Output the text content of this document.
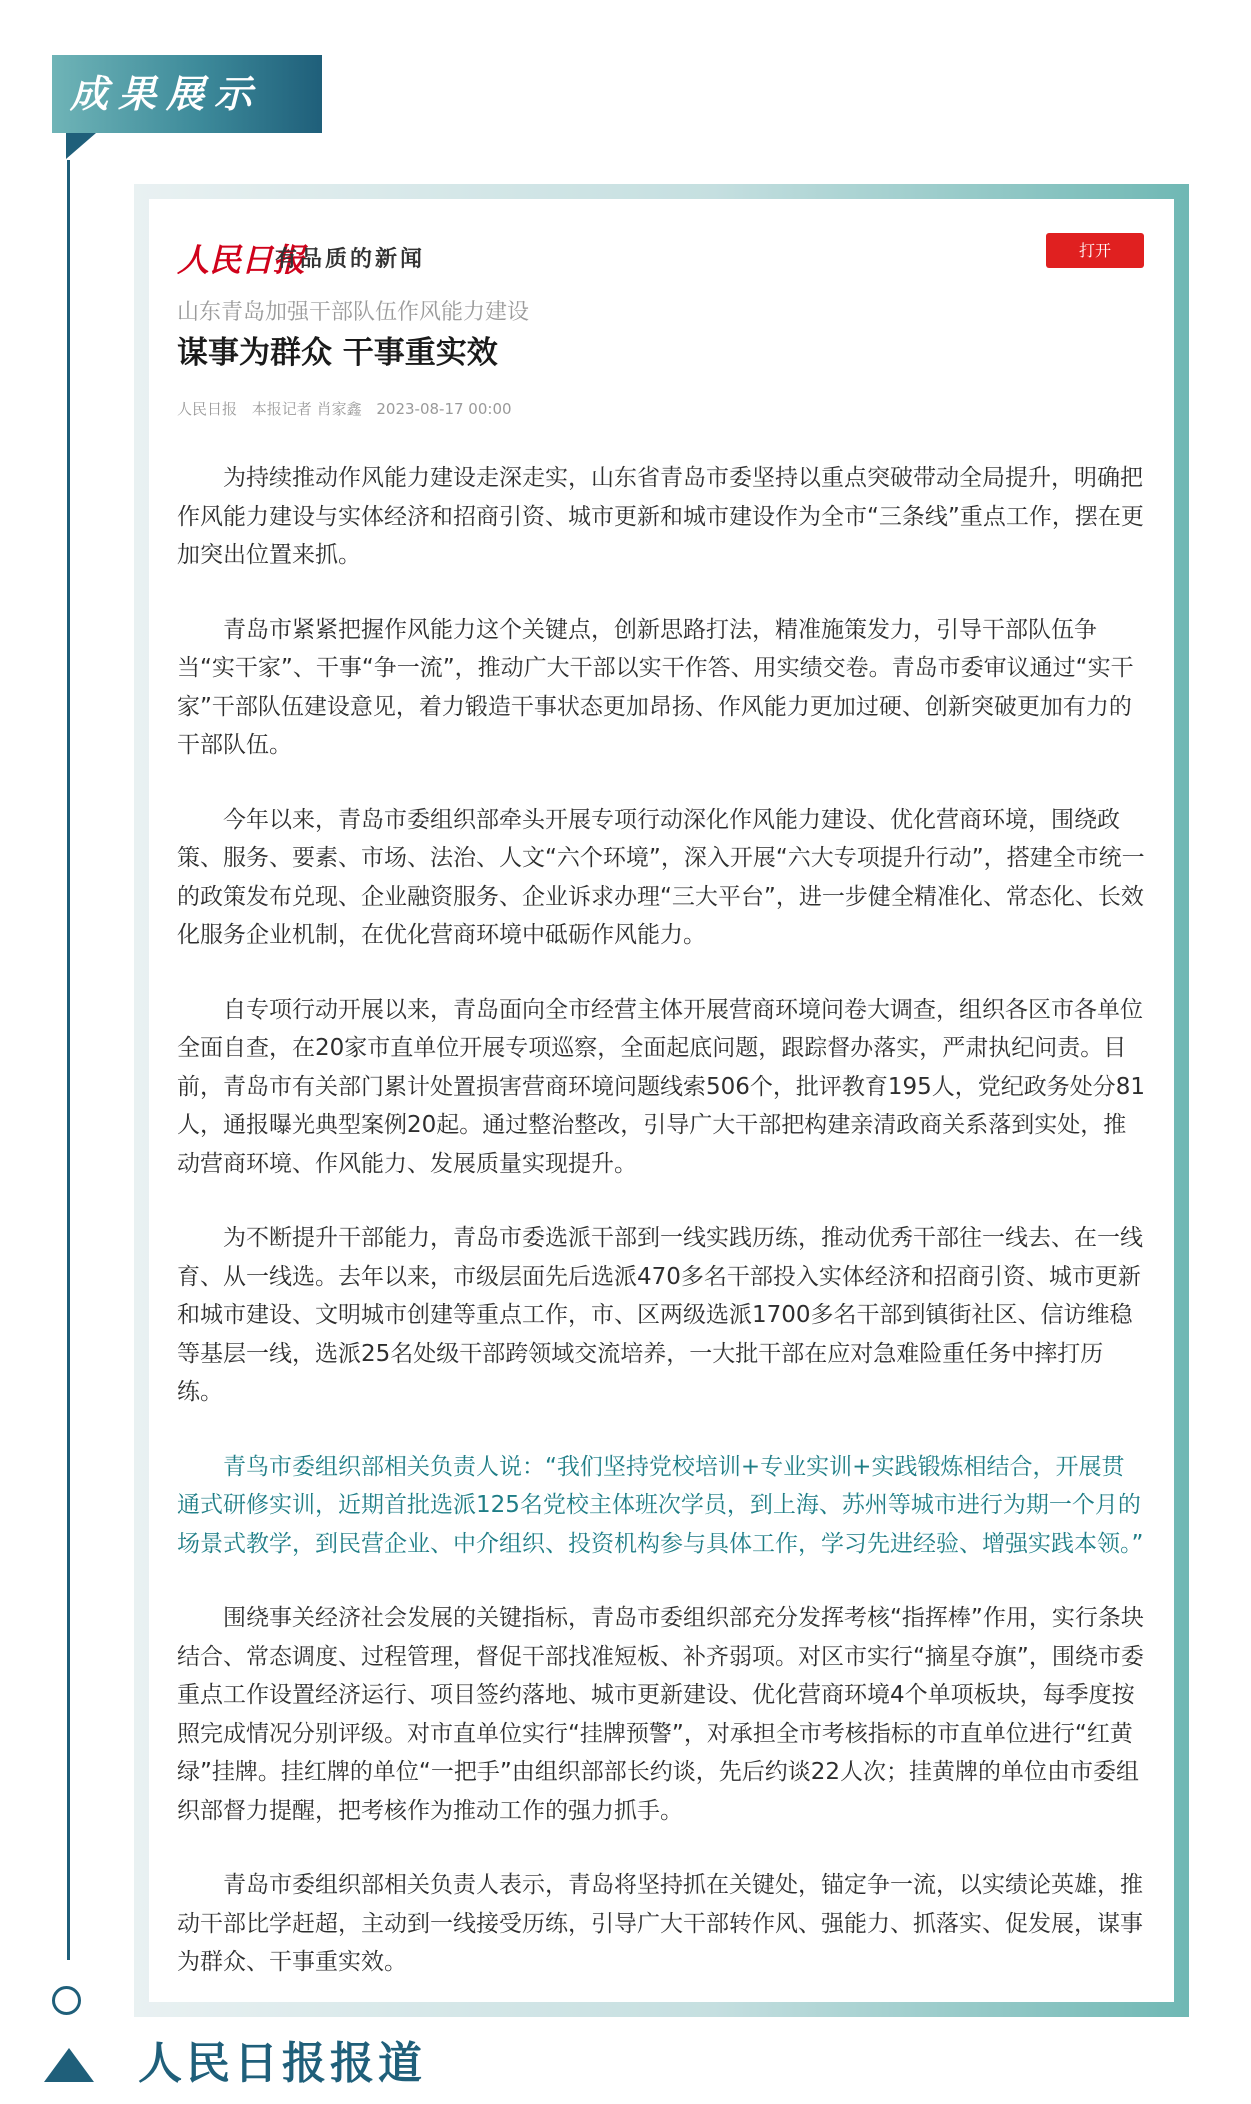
成果展示
人民日报报道
人民日报
有品质的新闻	打开
山东青岛加强干部队伍作风能力建设
谋事为群众 干事重实效
人民日报 本报记者 肖家鑫 2023-08-17 00:00

为持续推动作风能力建设走深走实，山东省青岛市委坚持以重点突破带动全局提升，明确把作风能力建设与实体经济和招商引资、城市更新和城市建设作为全市“三条线”重点工作，摆在更加突出位置来抓。

青岛市紧紧把握作风能力这个关键点，创新思路打法，精准施策发力，引导干部队伍争当“实干家”、干事“争一流”，推动广大干部以实干作答、用实绩交卷。青岛市委审议通过“实干家”干部队伍建设意见，着力锻造干事状态更加昂扬、作风能力更加过硬、创新突破更加有力的干部队伍。

今年以来，青岛市委组织部牵头开展专项行动深化作风能力建设、优化营商环境，围绕政策、服务、要素、市场、法治、人文“六个环境”，深入开展“六大专项提升行动”，搭建全市统一的政策发布兑现、企业融资服务、企业诉求办理“三大平台”，进一步健全精准化、常态化、长效化服务企业机制，在优化营商环境中砥砺作风能力。

自专项行动开展以来，青岛面向全市经营主体开展营商环境问卷大调查，组织各区市各单位全面自查，在20家市直单位开展专项巡察，全面起底问题，跟踪督办落实，严肃执纪问责。目前，青岛市有关部门累计处置损害营商环境问题线索506个，批评教育195人，党纪政务处分81人，通报曝光典型案例20起。通过整治整改，引导广大干部把构建亲清政商关系落到实处，推动营商环境、作风能力、发展质量实现提升。

为不断提升干部能力，青岛市委选派干部到一线实践历练，推动优秀干部往一线去、在一线育、从一线选。去年以来，市级层面先后选派470多名干部投入实体经济和招商引资、城市更新和城市建设、文明城市创建等重点工作，市、区两级选派1700多名干部到镇街社区、信访维稳等基层一线，选派25名处级干部跨领域交流培养，一大批干部在应对急难险重任务中摔打历练。

青鸟市委组织部相关负责人说：“我们坚持党校培训+专业实训+实践锻炼相结合，开展贯通式研修实训，近期首批选派125名党校主体班次学员，到上海、苏州等城市进行为期一个月的场景式教学，到民营企业、中介组织、投资机构参与具体工作，学习先进经验、增强实践本领。”

围绕事关经济社会发展的关键指标，青岛市委组织部充分发挥考核“指挥棒”作用，实行条块结合、常态调度、过程管理，督促干部找准短板、补齐弱项。对区市实行“摘星夺旗”，围绕市委重点工作设置经济运行、项目签约落地、城市更新建设、优化营商环境4个单项板块，每季度按照完成情况分别评级。对市直单位实行“挂牌预警”，对承担全市考核指标的市直单位进行“红黄绿”挂牌。挂红牌的单位“一把手”由组织部部长约谈，先后约谈22人次；挂黄牌的单位由市委组织部督力提醒，把考核作为推动工作的强力抓手。

青岛市委组织部相关负责人表示，青岛将坚持抓在关键处，锚定争一流，以实绩论英雄，推动干部比学赶超，主动到一线接受历练，引导广大干部转作风、强能力、抓落实、促发展，谋事为群众、干事重实效。
